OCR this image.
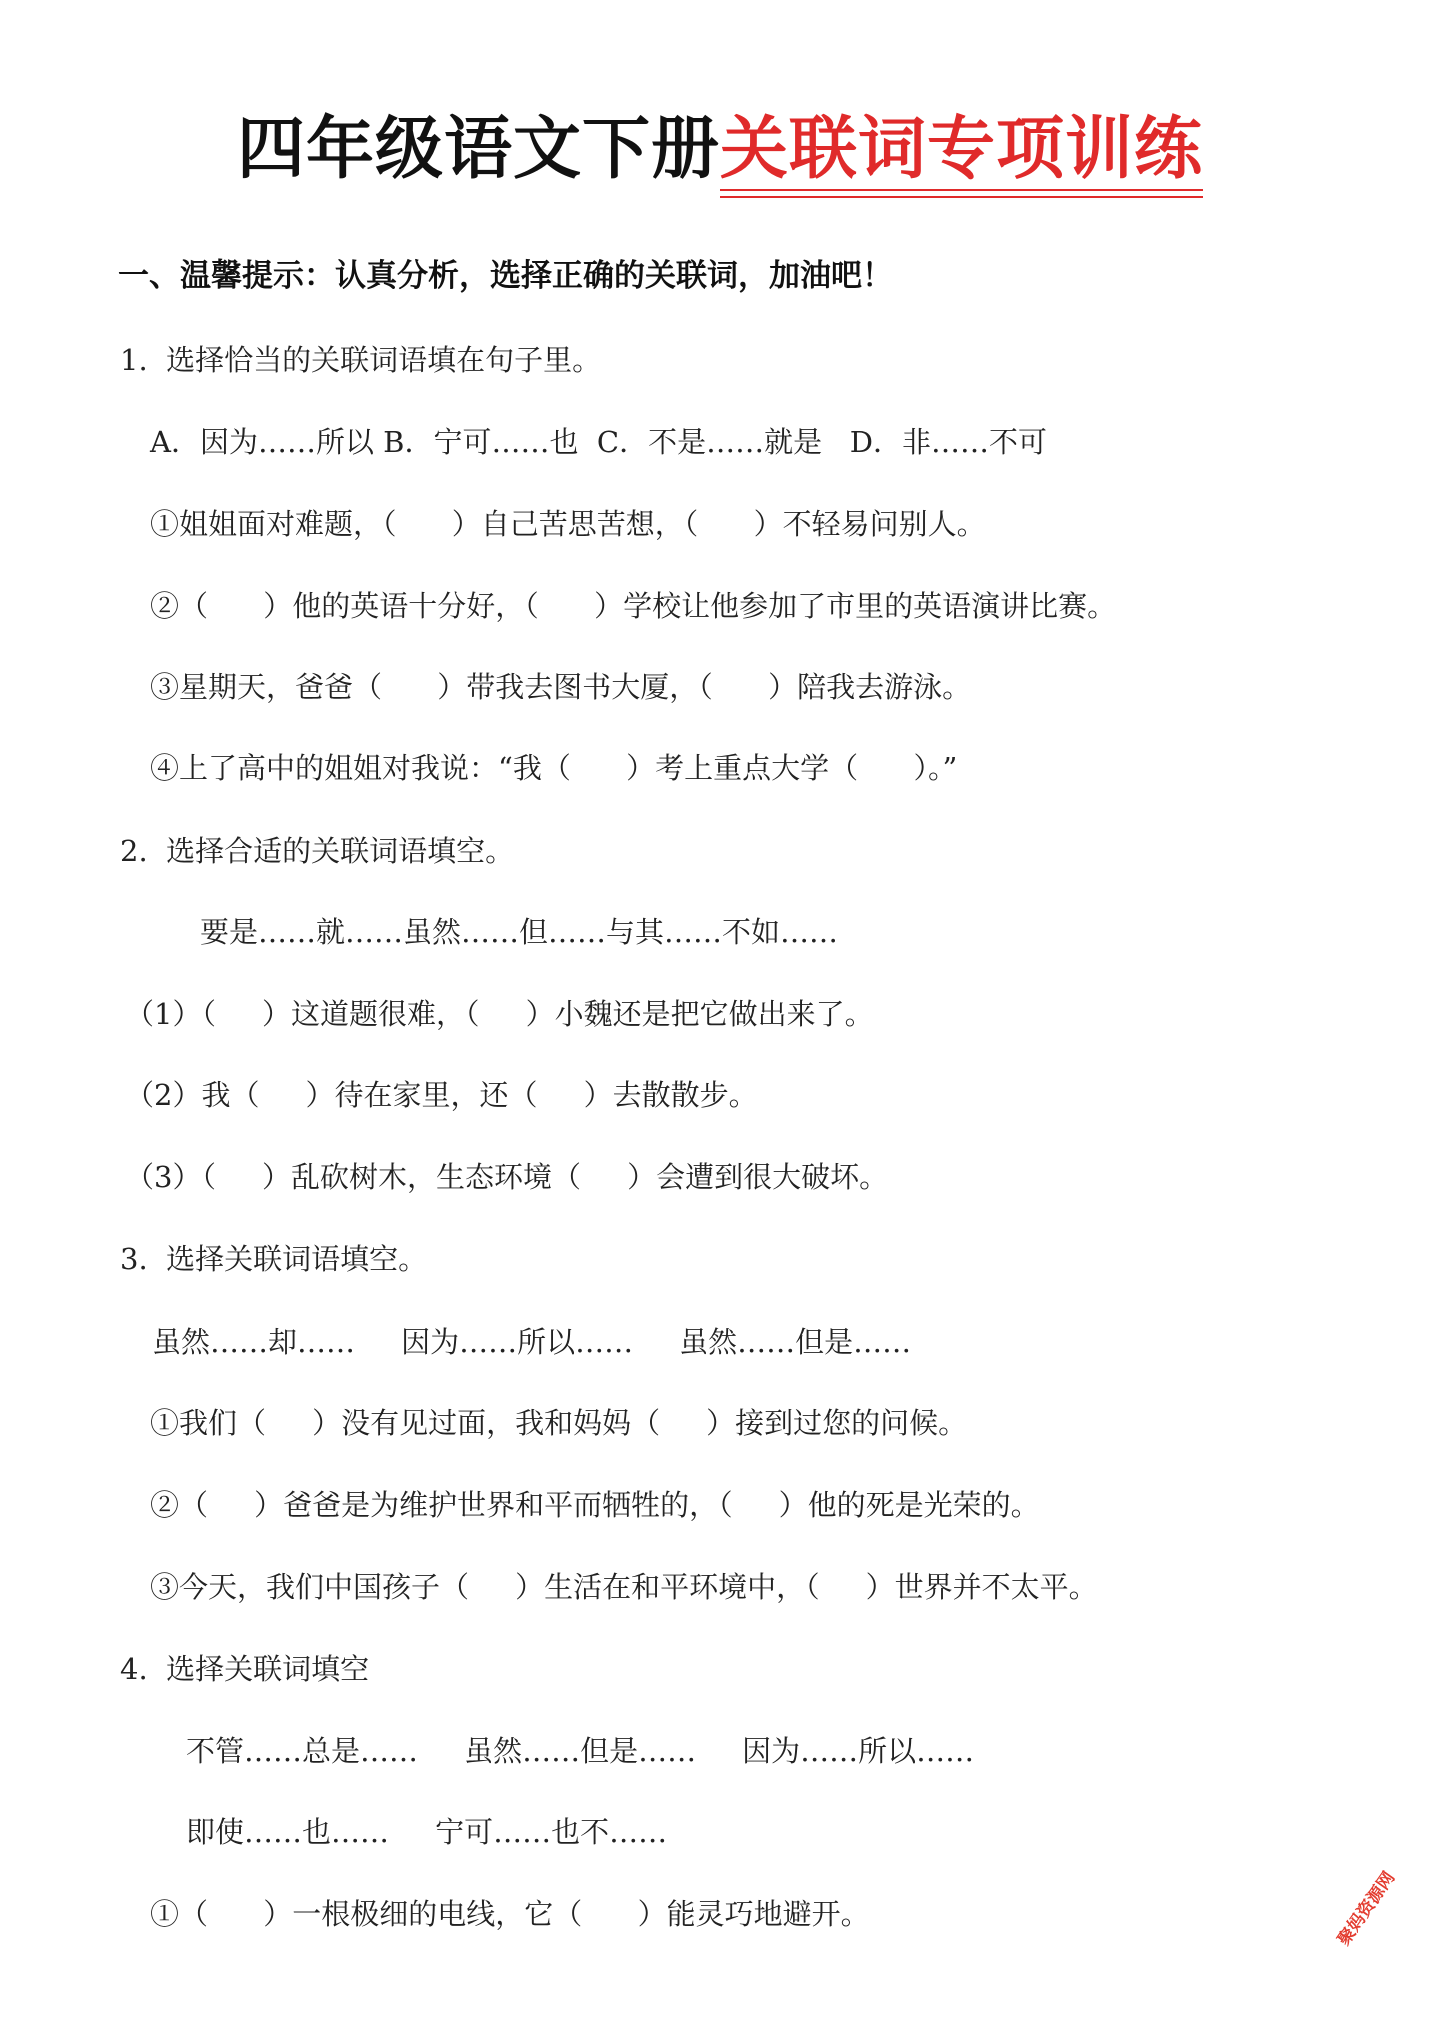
四年级语文下册关联词专项训练
一、温馨提示：认真分析，选择正确的关联词，加油吧！
1.  选择恰当的关联词语填在句子里。
A．因为……所以 B．宁可……也  C．不是……就是   D．非……不可
①姐姐面对难题，（      ）自己苦思苦想，（      ）不轻易问别人。
②（      ）他的英语十分好，（      ）学校让他参加了市里的英语演讲比赛。
③星期天，爸爸（      ）带我去图书大厦，（      ）陪我去游泳。
④上了高中的姐姐对我说：“我（      ）考上重点大学（      ）。”
2.  选择合适的关联词语填空。
要是……就……虽然……但……与其……不如……
（1）（     ）这道题很难，（     ）小魏还是把它做出来了。
（2）我（     ）待在家里，还（     ）去散散步。
（3）（     ）乱砍树木，生态环境（     ）会遭到很大破坏。
3.  选择关联词语填空。
虽然……却……     因为……所以……     虽然……但是……
①我们（     ）没有见过面，我和妈妈（     ）接到过您的问候。
②（     ）爸爸是为维护世界和平而牺牲的，（     ）他的死是光荣的。
③今天，我们中国孩子（     ）生活在和平环境中，（     ）世界并不太平。
4.  选择关联词填空
不管……总是……     虽然……但是……     因为……所以……
即使……也……     宁可……也不……
①（      ）一根极细的电线，它（      ）能灵巧地避开。	聚妈资源网
